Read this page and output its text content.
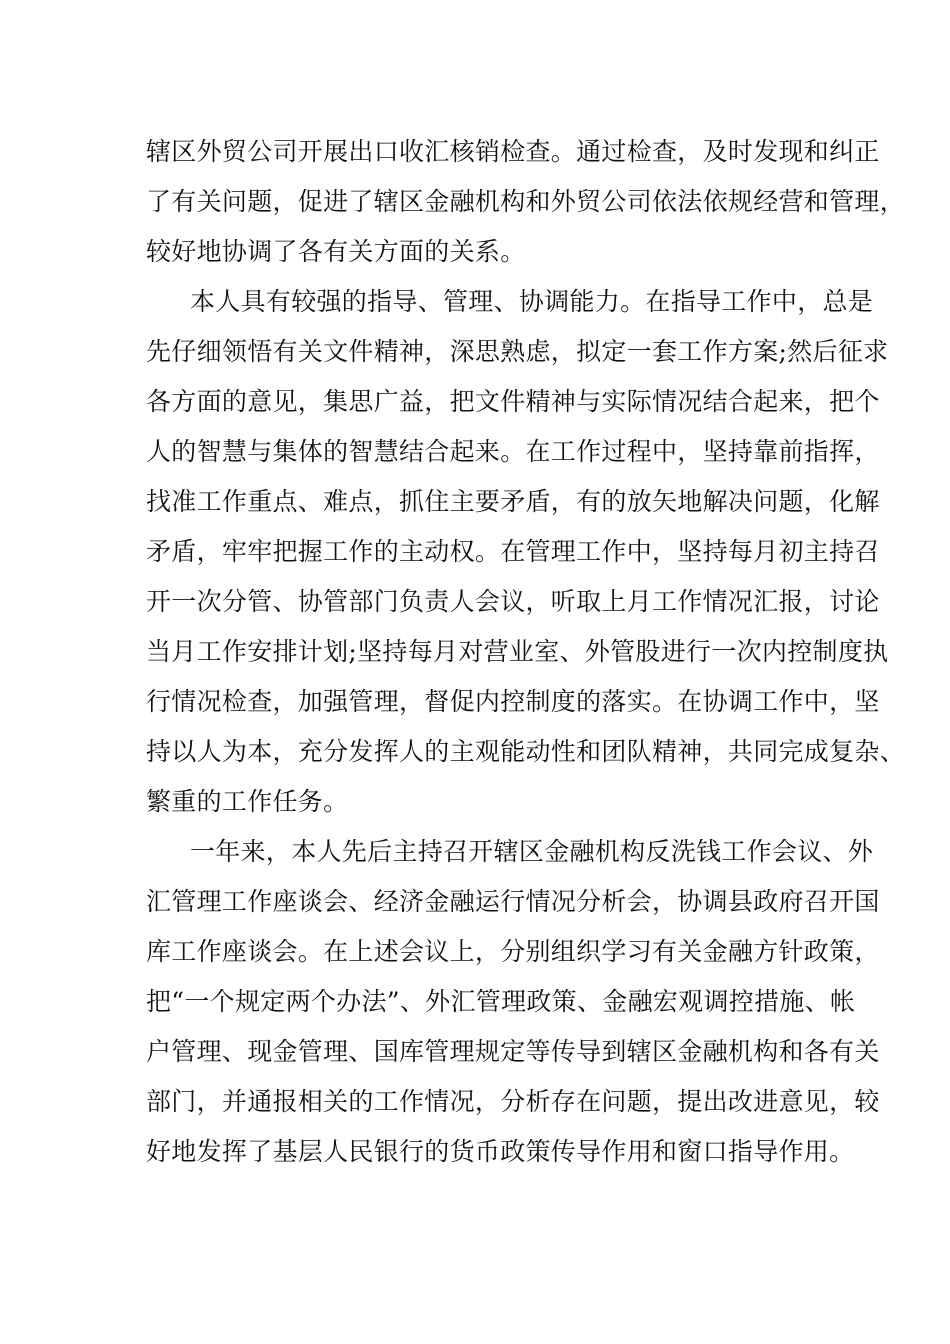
辖区外贸公司开展出口收汇核销检查。通过检查，及时发现和纠正
了有关问题，促进了辖区金融机构和外贸公司依法依规经营和管理，
较好地协调了各有关方面的关系。
本人具有较强的指导、管理、协调能力。在指导工作中，总是
先仔细领悟有关文件精神，深思熟虑，拟定一套工作方案;然后征求
各方面的意见，集思广益，把文件精神与实际情况结合起来，把个
人的智慧与集体的智慧结合起来。在工作过程中，坚持靠前指挥，
找准工作重点、难点，抓住主要矛盾，有的放矢地解决问题，化解
矛盾，牢牢把握工作的主动权。在管理工作中，坚持每月初主持召
开一次分管、协管部门负责人会议，听取上月工作情况汇报，讨论
当月工作安排计划;坚持每月对营业室、外管股进行一次内控制度执
行情况检查，加强管理，督促内控制度的落实。在协调工作中，坚
持以人为本，充分发挥人的主观能动性和团队精神，共同完成复杂、
繁重的工作任务。
一年来，本人先后主持召开辖区金融机构反洗钱工作会议、外
汇管理工作座谈会、经济金融运行情况分析会，协调县政府召开国
库工作座谈会。在上述会议上，分别组织学习有关金融方针政策，
把“一个规定两个办法”、外汇管理政策、金融宏观调控措施、帐
户管理、现金管理、国库管理规定等传导到辖区金融机构和各有关
部门，并通报相关的工作情况，分析存在问题，提出改进意见，较
好地发挥了基层人民银行的货币政策传导作用和窗口指导作用。
